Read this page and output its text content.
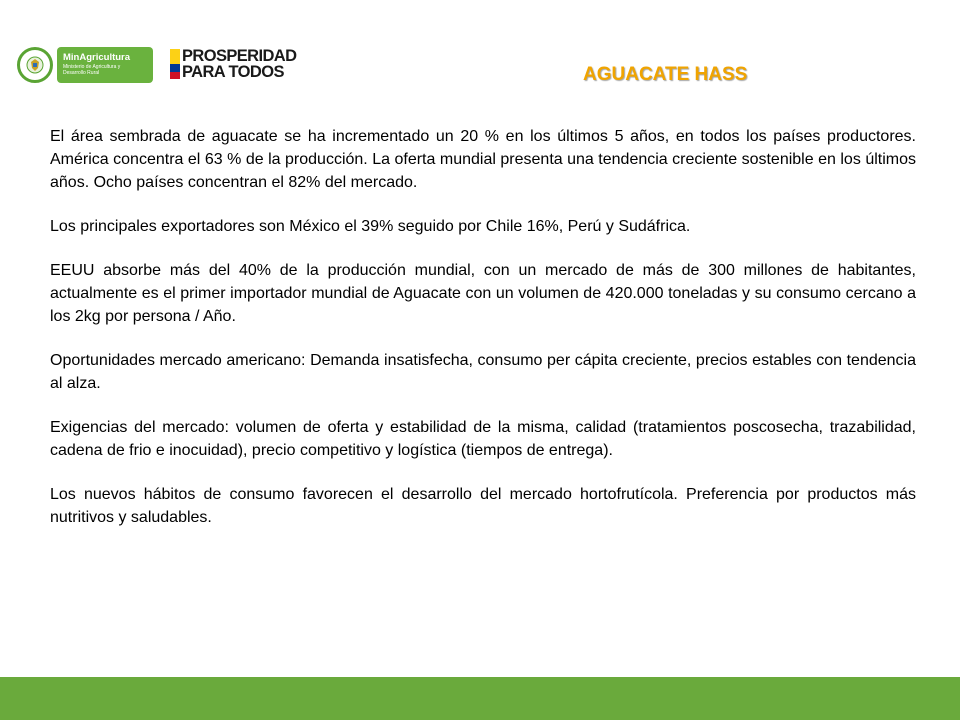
MinAgricultura
Ministerio de Agricultura y Desarrollo Rural
PROSPERIDAD
PARA TODOS	AGUACATE HASS

El área sembrada de aguacate se ha incrementado un 20 % en los últimos 5 años, en todos los países productores. América concentra el 63 % de la producción. La oferta mundial presenta una tendencia creciente sostenible en los últimos años. Ocho países concentran el 82% del mercado.

Los principales exportadores son México el 39% seguido por Chile 16%, Perú y Sudáfrica.

EEUU absorbe más del 40% de la producción mundial, con un mercado de más de 300 millones de habitantes, actualmente es el primer importador mundial de Aguacate con un volumen de 420.000 toneladas y su consumo cercano a los 2kg por persona / Año.

Oportunidades mercado americano: Demanda insatisfecha, consumo per cápita creciente, precios estables con tendencia al alza.

Exigencias del mercado: volumen de oferta y estabilidad de la misma, calidad (tratamientos poscosecha, trazabilidad, cadena de frio e inocuidad), precio competitivo y logística (tiempos de entrega).

Los nuevos hábitos de consumo favorecen el desarrollo del mercado hortofrutícola. Preferencia por productos más nutritivos y saludables.
